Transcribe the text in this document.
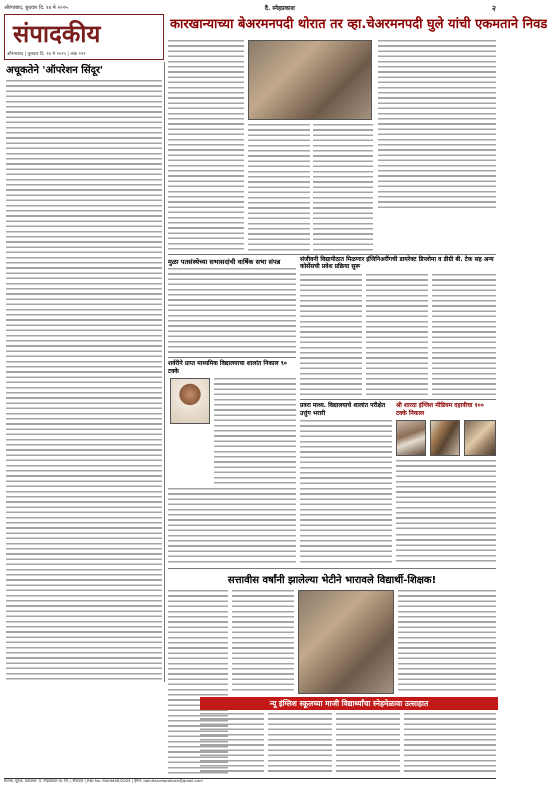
औरंगाबाद, बुधवार दि. १४ मे २०२५	दै. स्नेहप्रकाश	२
संपादकीय
औरंगाबाद | बुधवार दि. १४ मे २०२५ | अंक ११२
कारखान्याच्या बेअरमनपदी थोरात तर व्हा.चेअरमनपदी घुले यांची एकमताने निवड
अचूकतेने 'ऑपरेशन सिंदूर'
मुळा पतसंस्थेच्या सभासदांची वार्षिक सभा संपन्न	संजीवनी विद्यापीठात मिळणार इंजिनिअरींगची डायरेक्ट डिप्लोमा व डीग्री बी. टेक सह अन्य कोर्सेसची प्रवेश प्रक्रिया सुरू
शर्वरीने प्राप्त माध्यमिक विद्यालयाचा शालांत निकाल ९० टक्के
प्रवरा माध्य. विद्यालयाचे शालांत परीक्षेत उत्तुंग भरारी
श्री शारदा इंग्लिश मीडियम दहावीचा १०० टक्के निकाल
सत्तावीस वर्षांनी झालेल्या भेटीने भारावले विद्यार्थी-शिक्षक!
न्यू इंग्लिश स्कूलच्या माजी विद्यार्थ्यांचा स्नेहमेळावा उत्साहात
मालक, मुद्रक, प्रकाशक: दै. स्नेहप्रकाश प्रा. लि. | संपादक | RNI No. MAHMAR/2005 | ईमेल: dainiksnehprakash@gmail.com
